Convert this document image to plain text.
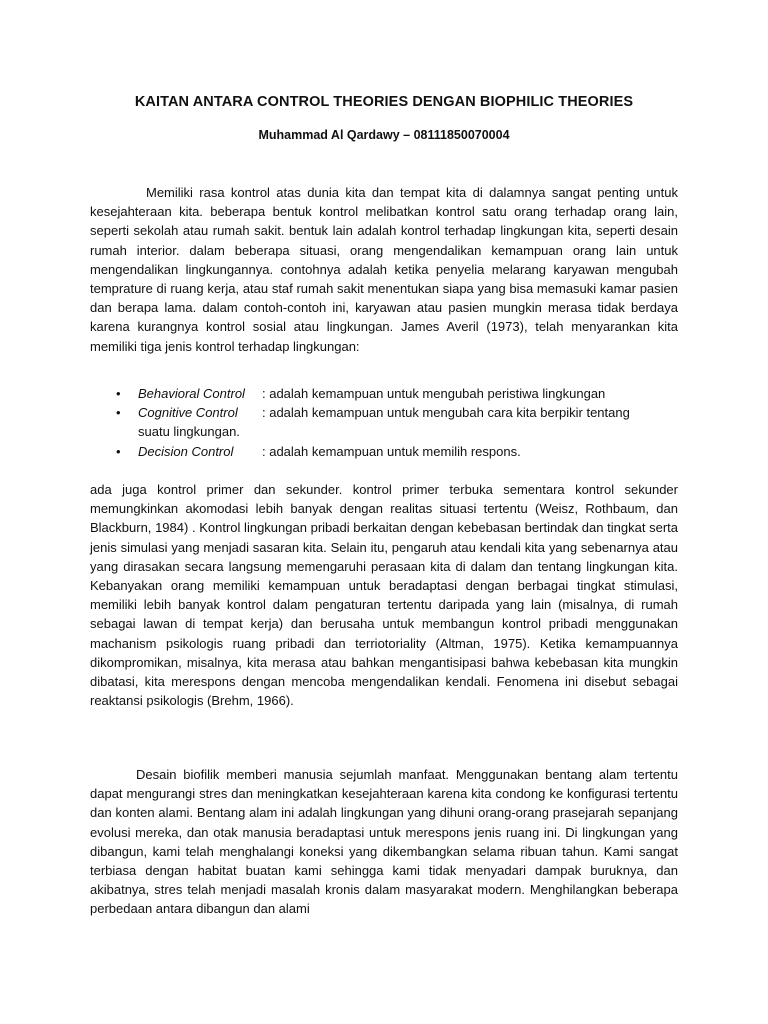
KAITAN ANTARA CONTROL THEORIES DENGAN BIOPHILIC THEORIES
Muhammad Al Qardawy – 08111850070004

Memiliki rasa kontrol atas dunia kita dan tempat kita di dalamnya sangat penting untuk kesejahteraan kita. beberapa bentuk kontrol melibatkan kontrol satu orang terhadap orang lain, seperti sekolah atau rumah sakit. bentuk lain adalah kontrol terhadap lingkungan kita, seperti desain rumah interior. dalam beberapa situasi, orang mengendalikan kemampuan orang lain untuk mengendalikan lingkungannya. contohnya adalah ketika penyelia melarang karyawan mengubah temprature di ruang kerja, atau staf rumah sakit menentukan siapa yang bisa memasuki kamar pasien dan berapa lama. dalam contoh-contoh ini, karyawan atau pasien mungkin merasa tidak berdaya karena kurangnya kontrol sosial atau lingkungan. James Averil (1973), telah menyarankan kita memiliki tiga jenis kontrol terhadap lingkungan:

• Behavioral Control	: adalah kemampuan untuk mengubah peristiwa lingkungan
• Cognitive Control	: adalah kemampuan untuk mengubah cara kita berpikir tentang
suatu lingkungan.
• Decision Control	: adalah kemampuan untuk memilih respons.

ada juga kontrol primer dan sekunder. kontrol primer terbuka sementara kontrol sekunder memungkinkan akomodasi lebih banyak dengan realitas situasi tertentu (Weisz, Rothbaum, dan Blackburn, 1984) . Kontrol lingkungan pribadi berkaitan dengan kebebasan bertindak dan tingkat serta jenis simulasi yang menjadi sasaran kita. Selain itu, pengaruh atau kendali kita yang sebenarnya atau yang dirasakan secara langsung memengaruhi perasaan kita di dalam dan tentang lingkungan kita. Kebanyakan orang memiliki kemampuan untuk beradaptasi dengan berbagai tingkat stimulasi, memiliki lebih banyak kontrol dalam pengaturan tertentu daripada yang lain (misalnya, di rumah sebagai lawan di tempat kerja) dan berusaha untuk membangun kontrol pribadi menggunakan machanism psikologis ruang pribadi dan terriotoriality (Altman, 1975). Ketika kemampuannya dikompromikan, misalnya, kita merasa atau bahkan mengantisipasi bahwa kebebasan kita mungkin dibatasi, kita merespons dengan mencoba mengendalikan kendali. Fenomena ini disebut sebagai reaktansi psikologis (Brehm, 1966).

Desain biofilik memberi manusia sejumlah manfaat. Menggunakan bentang alam tertentu dapat mengurangi stres dan meningkatkan kesejahteraan karena kita condong ke konfigurasi tertentu dan konten alami. Bentang alam ini adalah lingkungan yang dihuni orang-orang prasejarah sepanjang evolusi mereka, dan otak manusia beradaptasi untuk merespons jenis ruang ini. Di lingkungan yang dibangun, kami telah menghalangi koneksi yang dikembangkan selama ribuan tahun. Kami sangat terbiasa dengan habitat buatan kami sehingga kami tidak menyadari dampak buruknya, dan akibatnya, stres telah menjadi masalah kronis dalam masyarakat modern. Menghilangkan beberapa perbedaan antara dibangun dan alami
